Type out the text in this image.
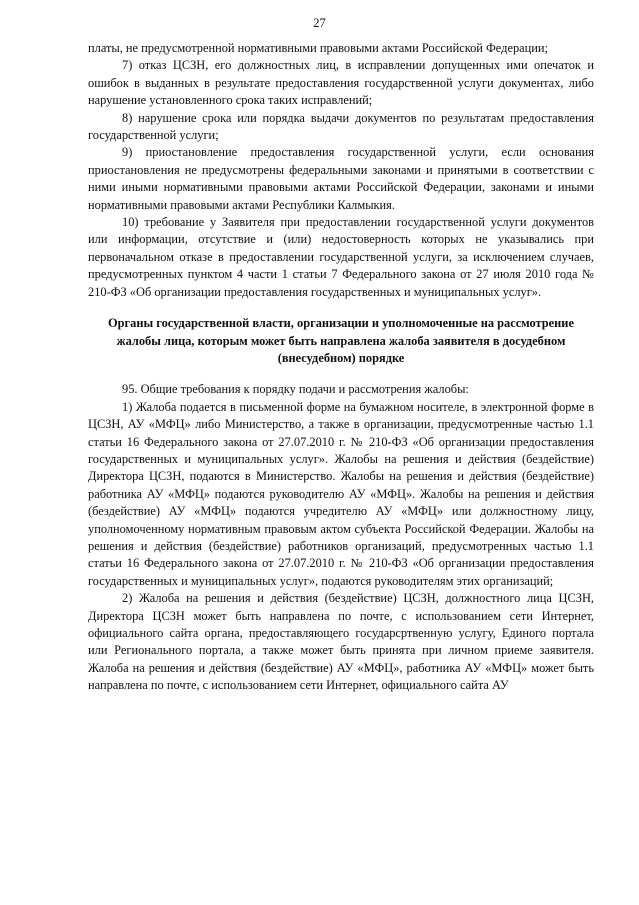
27

платы, не предусмотренной нормативными правовыми актами Российской Федерации;

7) отказ ЦСЗН, его должностных лиц, в исправлении допущенных ими опечаток и ошибок в выданных в результате предоставления государственной услуги документах, либо нарушение установленного срока таких исправлений;

8) нарушение срока или порядка выдачи документов по результатам предоставления государственной услуги;

9) приостановление предоставления государственной услуги, если основания приостановления не предусмотрены федеральными законами и принятыми в соответствии с ними иными нормативными правовыми актами Российской Федерации, законами и иными нормативными правовыми актами Республики Калмыкия.

10) требование у Заявителя при предоставлении государственной услуги документов или информации, отсутствие и (или) недостоверность которых не указывались при первоначальном отказе в предоставлении государственной услуги, за исключением случаев, предусмотренных пунктом 4 части 1 статьи 7 Федерального закона от 27 июля 2010 года № 210-ФЗ «Об организации предоставления государственных и муниципальных услуг».

Органы государственной власти, организации и уполномоченные на рассмотрение жалобы лица, которым может быть направлена жалоба заявителя в досудебном (внесудебном) порядке

95. Общие требования к порядку подачи и рассмотрения жалобы:

1) Жалоба подается в письменной форме на бумажном носителе, в электронной форме в ЦСЗН, АУ «МФЦ» либо Министерство, а также в организации, предусмотренные частью 1.1 статьи 16 Федерального закона от 27.07.2010 г. № 210-ФЗ «Об организации предоставления государственных и муниципальных услуг». Жалобы на решения и действия (бездействие) Директора ЦСЗН, подаются в Министерство. Жалобы на решения и действия (бездействие) работника АУ «МФЦ» подаются руководителю АУ «МФЦ». Жалобы на решения и действия (бездействие) АУ «МФЦ» подаются учредителю АУ «МФЦ» или должностному лицу, уполномоченному нормативным правовым актом субъекта Российской Федерации. Жалобы на решения и действия (бездействие) работников организаций, предусмотренных частью 1.1 статьи 16 Федерального закона от 27.07.2010 г. № 210-ФЗ «Об организации предоставления государственных и муниципальных услуг», подаются руководителям этих организаций;

2) Жалоба на решения и действия (бездействие) ЦСЗН, должностного лица ЦСЗН, Директора ЦСЗН может быть направлена по почте, с использованием сети Интернет, официального сайта органа, предоставляющего государсртвенную услугу, Единого портала или Регионального портала, а также может быть принята при личном приеме заявителя. Жалоба на решения и действия (бездействие) АУ «МФЦ», работника АУ «МФЦ» может быть направлена по почте, с использованием сети Интернет, официального сайта АУ
